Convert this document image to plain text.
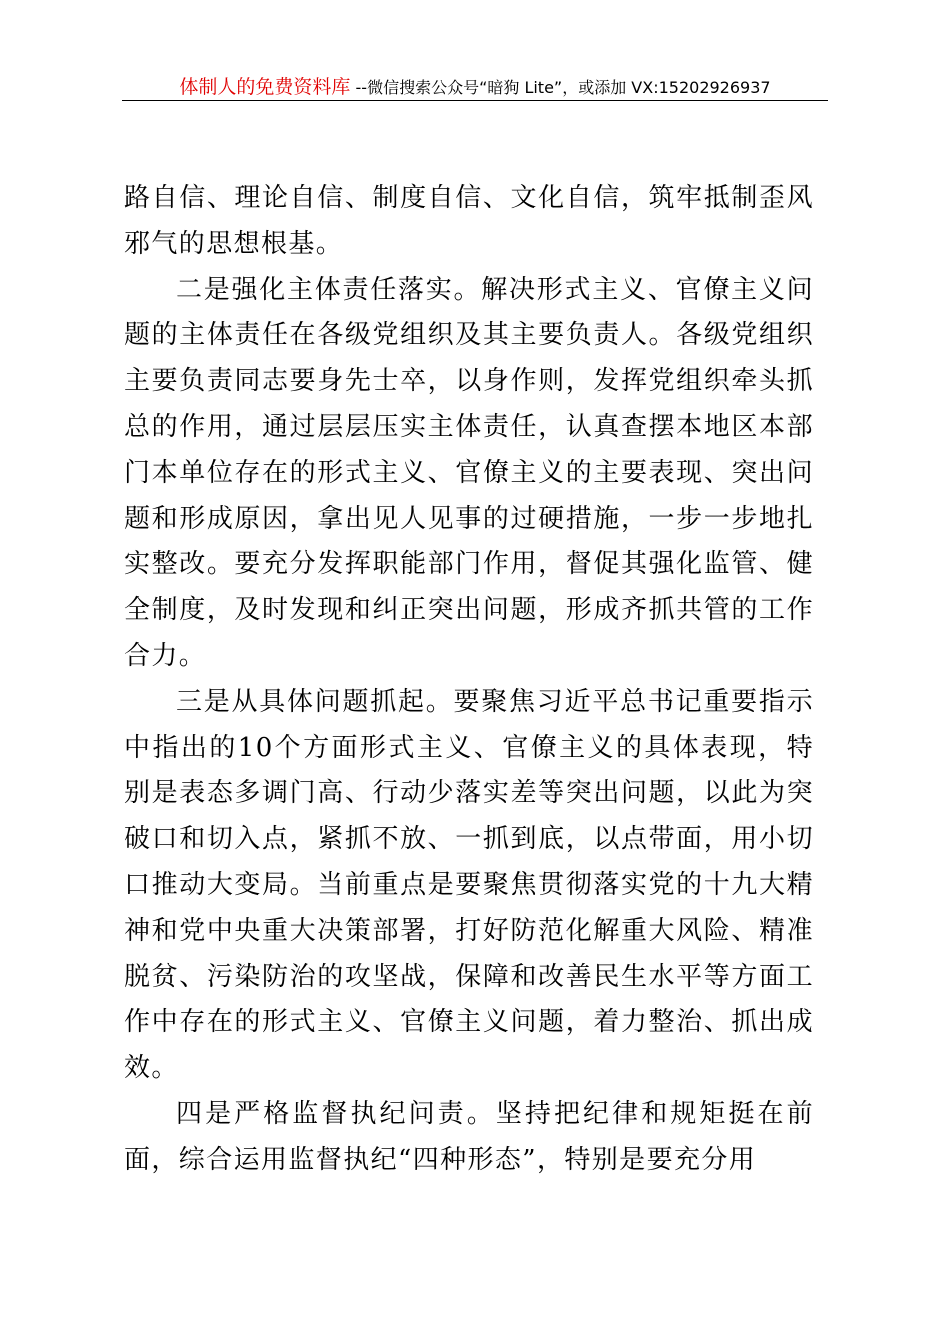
体制人的免费资料库 --微信搜索公众号“暗狗 Lite”，或添加 VX:15202926937

路自信、理论自信、制度自信、文化自信，筑牢抵制歪风邪气的思想根基。

二是强化主体责任落实。解决形式主义、官僚主义问题的主体责任在各级党组织及其主要负责人。各级党组织主要负责同志要身先士卒，以身作则，发挥党组织牵头抓总的作用，通过层层压实主体责任，认真查摆本地区本部门本单位存在的形式主义、官僚主义的主要表现、突出问题和形成原因，拿出见人见事的过硬措施，一步一步地扎实整改。要充分发挥职能部门作用，督促其强化监管、健全制度，及时发现和纠正突出问题，形成齐抓共管的工作合力。

三是从具体问题抓起。要聚焦习近平总书记重要指示中指出的10个方面形式主义、官僚主义的具体表现，特别是表态多调门高、行动少落实差等突出问题，以此为突破口和切入点，紧抓不放、一抓到底，以点带面，用小切口推动大变局。当前重点是要聚焦贯彻落实党的十九大精神和党中央重大决策部署，打好防范化解重大风险、精准脱贫、污染防治的攻坚战，保障和改善民生水平等方面工作中存在的形式主义、官僚主义问题，着力整治、抓出成效。

四是严格监督执纪问责。坚持把纪律和规矩挺在前面，综合运用监督执纪“四种形态”，特别是要充分用
